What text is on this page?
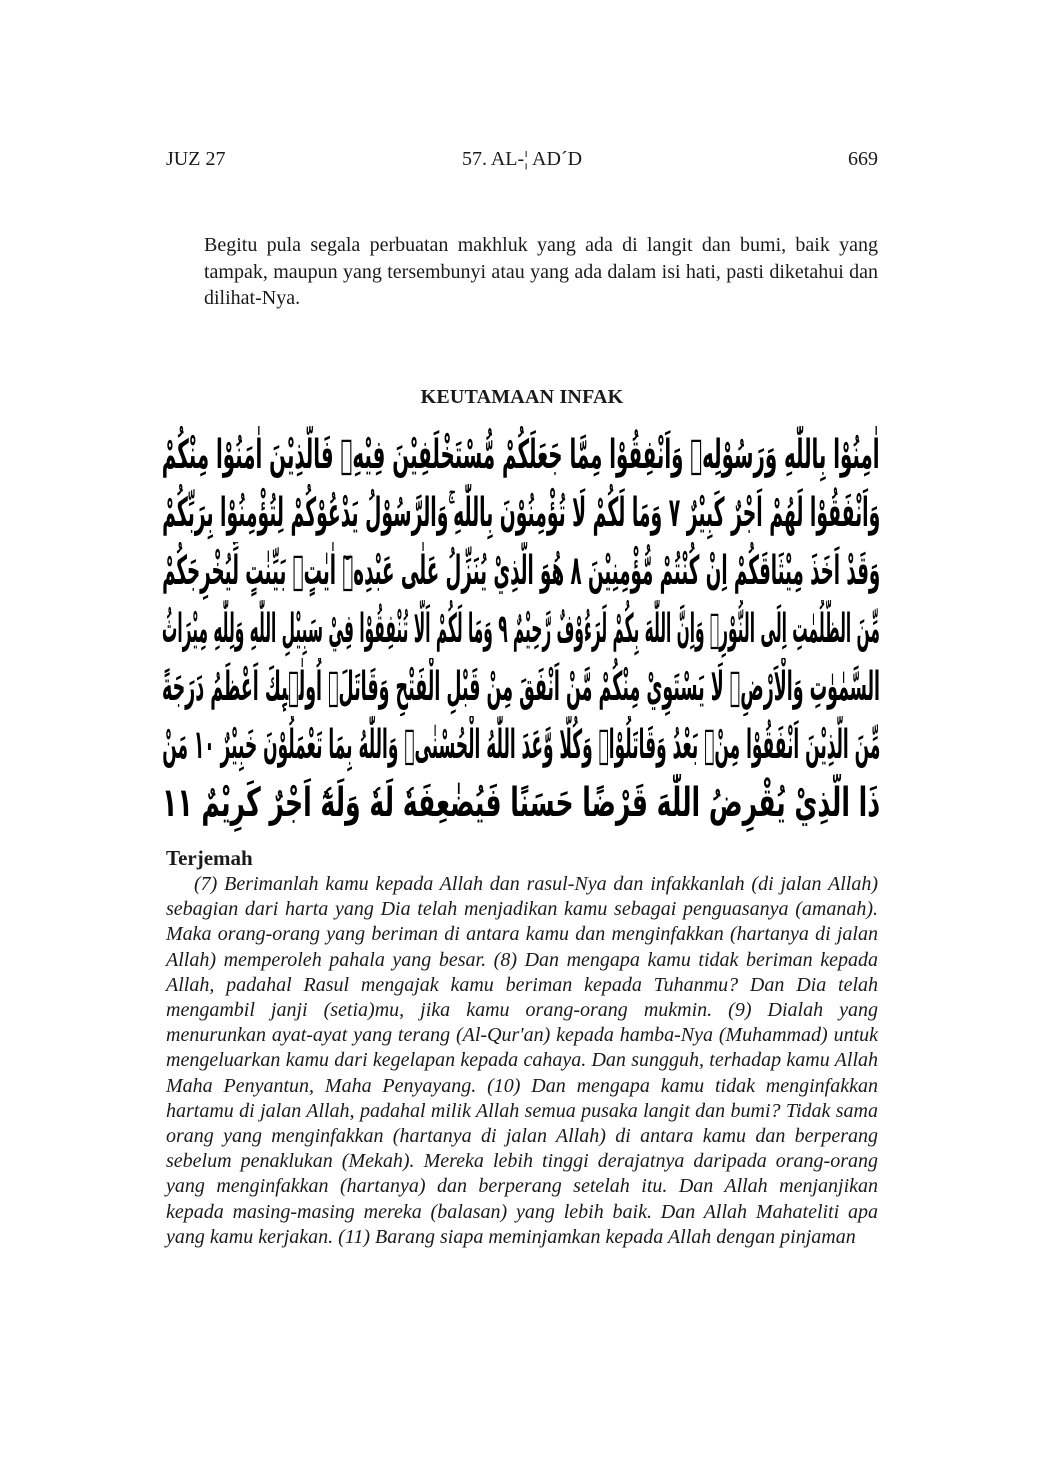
JUZ 27	57. AL-¦ AD´D	669

Begitu pula segala perbuatan makhluk yang ada di langit dan bumi, baik yang tampak, maupun yang tersembunyi atau yang ada dalam isi hati, pasti diketahui dan dilihat-Nya.

KEUTAMAAN INFAK
اٰمِنُوْا بِاللّٰهِ وَرَسُوْلِهٖ وَاَنْفِقُوْا مِمَّا جَعَلَكُمْ مُّسْتَخْلَفِيْنَ فِيْهِۗ فَالَّذِيْنَ اٰمَنُوْا مِنْكُمْ
وَاَنْفَقُوْا لَهُمْ اَجْرٌ كَبِيْرٌ ٧ وَمَا لَكُمْ لَا تُؤْمِنُوْنَ بِاللّٰهِ ۚوَالرَّسُوْلُ يَدْعُوْكُمْ لِتُؤْمِنُوْا بِرَبِّكُمْ
وَقَدْ اَخَذَ مِيْثَاقَكُمْ اِنْ كُنْتُمْ مُّؤْمِنِيْنَ ٨ هُوَ الَّذِيْ يُنَزِّلُ عَلٰى عَبْدِهٖٓ اٰيٰتٍۢ بَيِّنٰتٍ لِّيُخْرِجَكُمْ
مِّنَ الظُّلُمٰتِ اِلَى النُّوْرِۗ وَاِنَّ اللّٰهَ بِكُمْ لَرَءُوْفٌ رَّحِيْمٌ ٩ وَمَا لَكُمْ اَلَّا تُنْفِقُوْا فِيْ سَبِيْلِ اللّٰهِ وَلِلّٰهِ مِيْرَاثُ
السَّمٰوٰتِ وَالْاَرْضِۗ لَا يَسْتَوِيْ مِنْكُمْ مَّنْ اَنْفَقَ مِنْ قَبْلِ الْفَتْحِ وَقَاتَلَۗ اُولٰۤىِٕكَ اَعْظَمُ دَرَجَةً
مِّنَ الَّذِيْنَ اَنْفَقُوْا مِنْۢ بَعْدُ وَقَاتَلُوْاۗ وَكُلًّا وَّعَدَ اللّٰهُ الْحُسْنٰىۗ وَاللّٰهُ بِمَا تَعْمَلُوْنَ خَبِيْرٌ ١٠ مَنْ
ذَا الَّذِيْ يُقْرِضُ اللّٰهَ قَرْضًا حَسَنًا فَيُضٰعِفَهٗ لَهٗ وَلَهٗٓ اَجْرٌ كَرِيْمٌ ١١
Terjemah

(7) Berimanlah kamu kepada Allah dan rasul-Nya dan infakkanlah (di jalan Allah) sebagian dari harta yang Dia telah menjadikan kamu sebagai penguasanya (amanah). Maka orang-orang yang beriman di antara kamu dan menginfakkan (hartanya di jalan Allah) memperoleh pahala yang besar. (8) Dan mengapa kamu tidak beriman kepada Allah, padahal Rasul mengajak kamu beriman kepada Tuhanmu? Dan Dia telah mengambil janji (setia)mu, jika kamu orang-orang mukmin. (9) Dialah yang menurunkan ayat-ayat yang terang (Al-Qur'an) kepada hamba-Nya (Muhammad) untuk mengeluarkan kamu dari kegelapan kepada cahaya. Dan sungguh, terhadap kamu Allah Maha Penyantun, Maha Penyayang. (10) Dan mengapa kamu tidak menginfakkan hartamu di jalan Allah, padahal milik Allah semua pusaka langit dan bumi? Tidak sama orang yang menginfakkan (hartanya di jalan Allah) di antara kamu dan berperang sebelum penaklukan (Mekah). Mereka lebih tinggi derajatnya daripada orang-orang yang menginfakkan (hartanya) dan berperang setelah itu. Dan Allah menjanjikan kepada masing-masing mereka (balasan) yang lebih baik. Dan Allah Mahateliti apa yang kamu kerjakan. (11) Barang siapa meminjamkan kepada Allah dengan pinjaman
